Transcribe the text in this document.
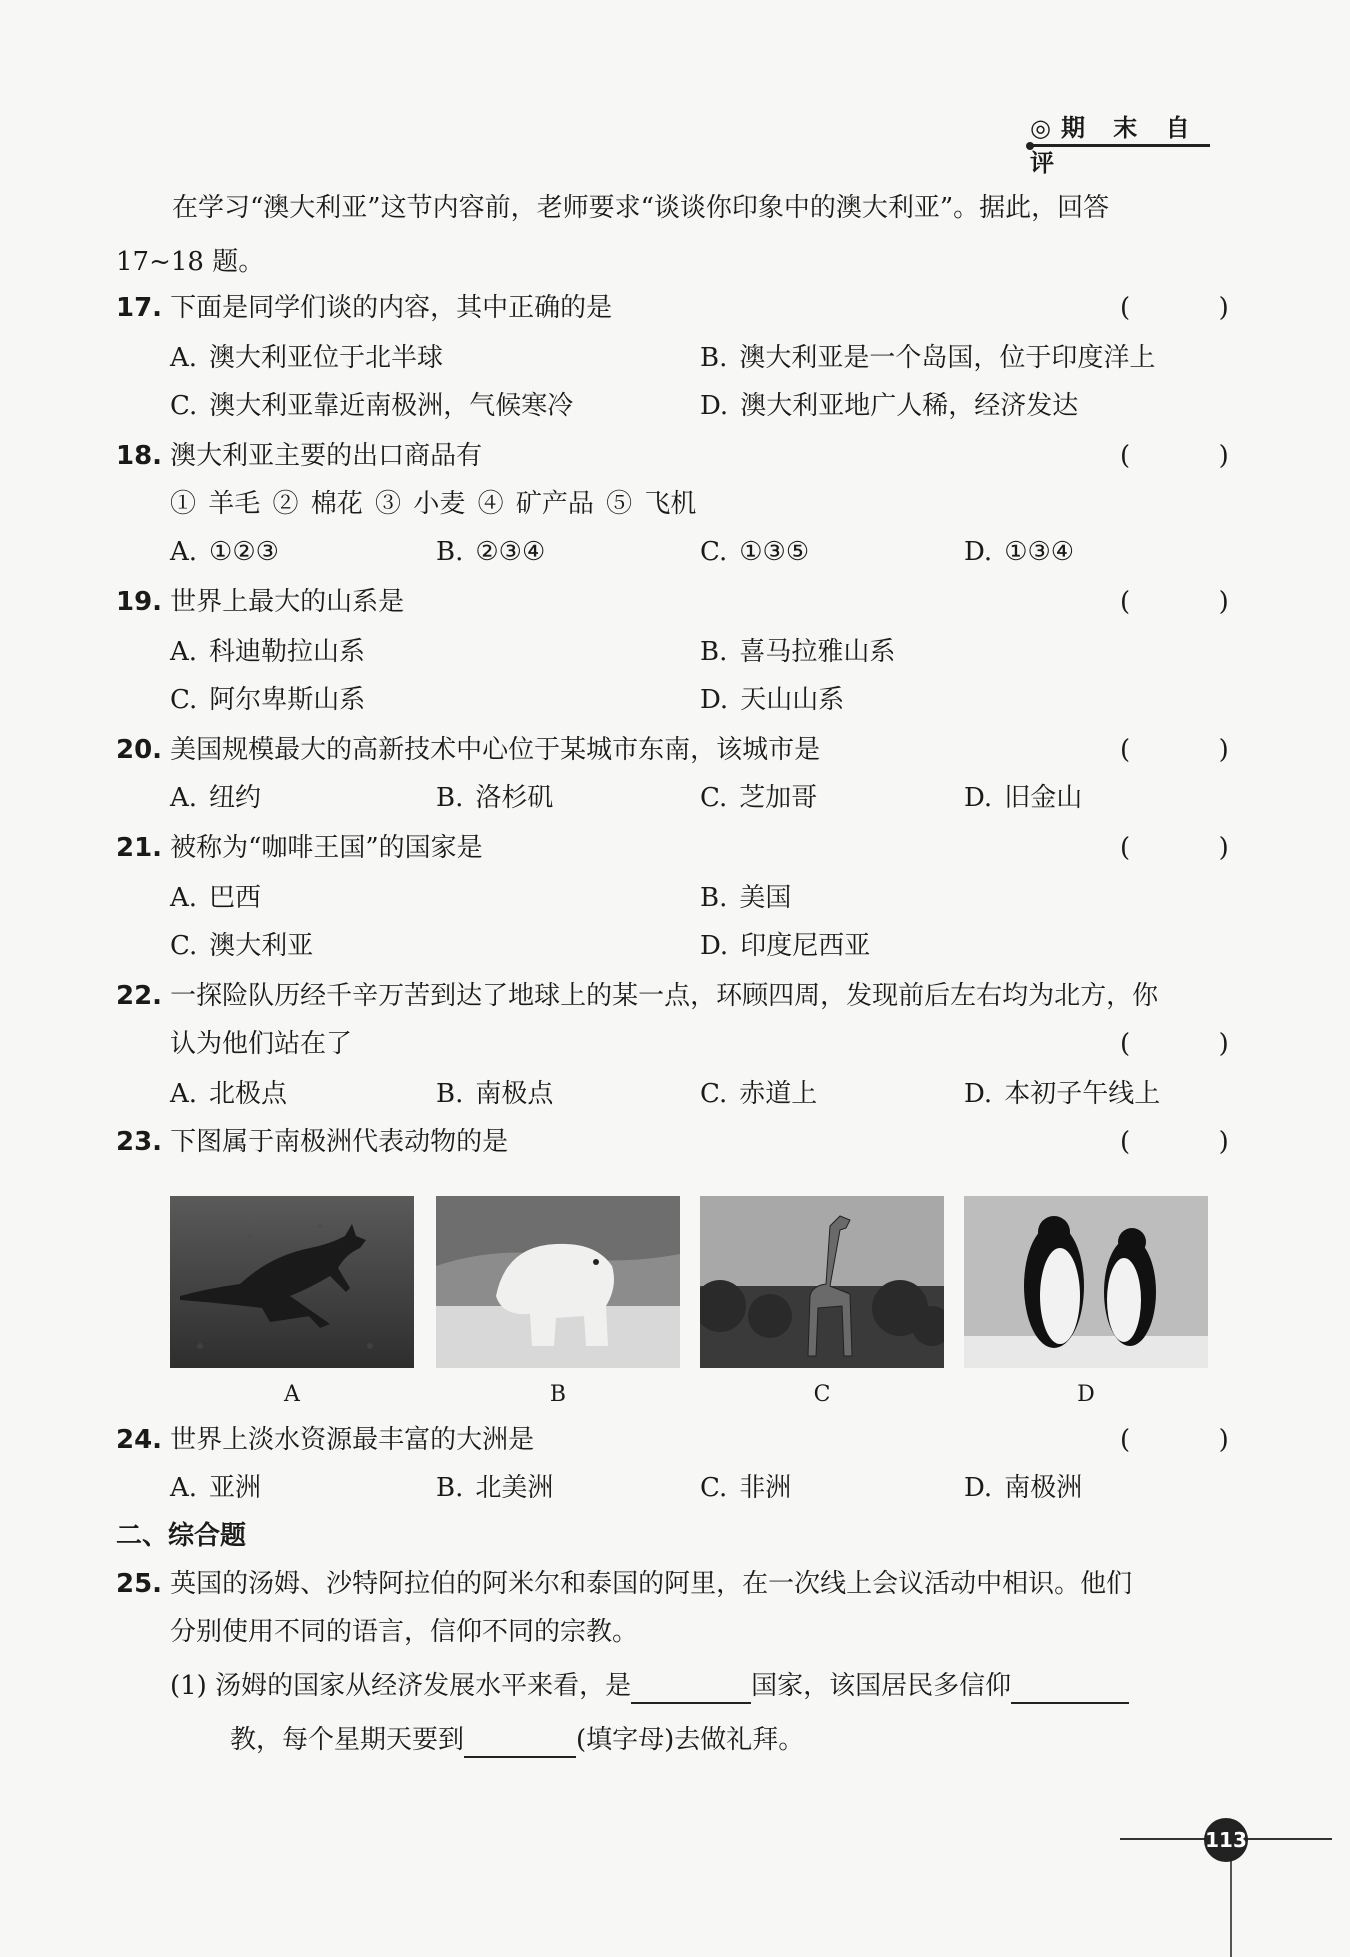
◎期 末 自 评
在学习“澳大利亚”这节内容前，老师要求“谈谈你印象中的澳大利亚”。据此，回答
17~18 题。
17. 下面是同学们谈的内容，其中正确的是	(  )
A. 澳大利亚位于北半球	B. 澳大利亚是一个岛国，位于印度洋上
C. 澳大利亚靠近南极洲，气候寒冷	D. 澳大利亚地广人稀，经济发达
18. 澳大利亚主要的出口商品有	(  )
① 羊毛 ② 棉花 ③ 小麦 ④ 矿产品 ⑤ 飞机
A. ①②③	B. ②③④	C. ①③⑤	D. ①③④
19. 世界上最大的山系是	(  )
A. 科迪勒拉山系	B. 喜马拉雅山系
C. 阿尔卑斯山系	D. 天山山系
20. 美国规模最大的高新技术中心位于某城市东南，该城市是	(  )
A. 纽约	B. 洛杉矶	C. 芝加哥	D. 旧金山
21. 被称为“咖啡王国”的国家是	(  )
A. 巴西	B. 美国
C. 澳大利亚	D. 印度尼西亚
22. 一探险队历经千辛万苦到达了地球上的某一点，环顾四周，发现前后左右均为北方，你
认为他们站在了	(  )
A. 北极点	B. 南极点	C. 赤道上	D. 本初子午线上
23. 下图属于南极洲代表动物的是	(  )
A	B	C	D
24. 世界上淡水资源最丰富的大洲是	(  )
A. 亚洲	B. 北美洲	C. 非洲	D. 南极洲
二、综合题
25. 英国的汤姆、沙特阿拉伯的阿米尔和泰国的阿里，在一次线上会议活动中相识。他们
分别使用不同的语言，信仰不同的宗教。
(1) 汤姆的国家从经济发展水平来看，是	国家，该国居民多信仰
教，每个星期天要到	(填字母)去做礼拜。
113
